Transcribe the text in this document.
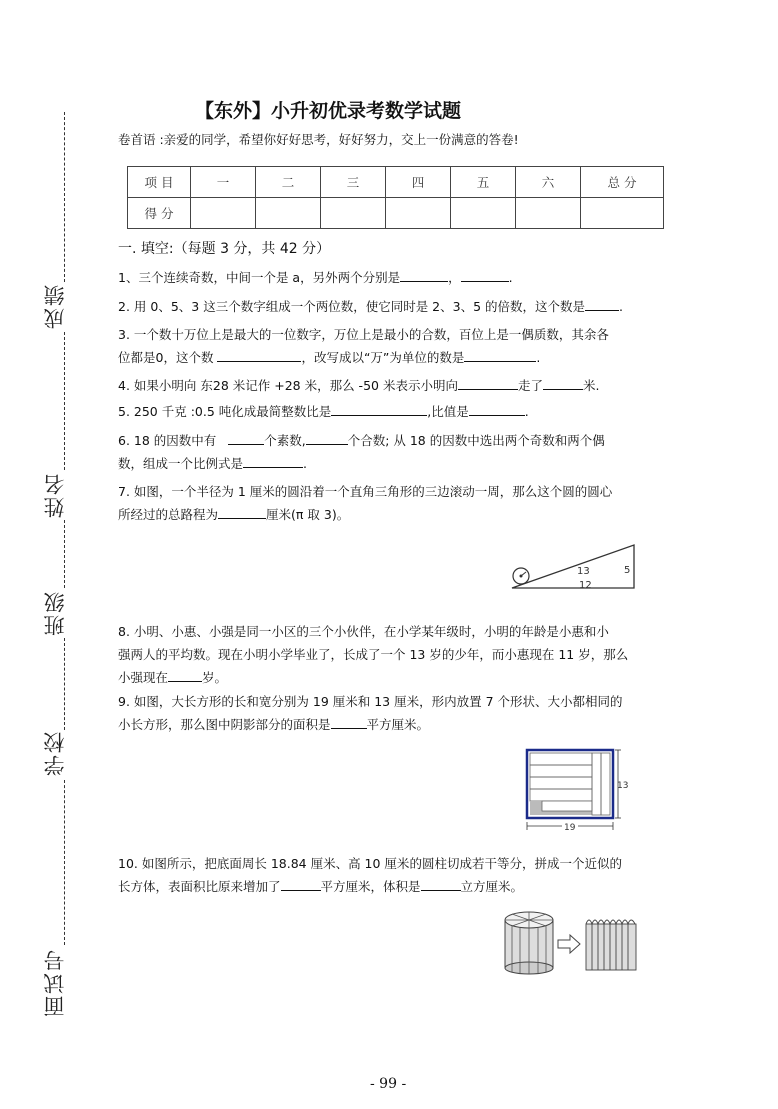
成绩
姓名
班级
学校
面试号
【东外】小升初优录考数学试题
卷首语 :亲爱的同学，希望你好好思考，好好努力，交上一份满意的答卷!
项 目	一	二	三	四	五	六	总 分
得 分							
一. 填空:（每题 3 分，共 42 分）
1、三个连续奇数，中间一个是 a，另外两个分别是	，	.
2. 用 0、5、3 这三个数字组成一个两位数，使它同时是 2、3、5 的倍数，这个数是	.
3. 一个数十万位上是最大的一位数字，万位上是最小的合数，百位上是一偶质数，其余各
位都是0，这个数	，改写成以“万”为单位的数是	.
4. 如果小明向 东28 米记作 +28 米，那么 -50 米表示小明向	走了	米.
5. 250 千克 :0.5 吨化成最简整数比是	,比值是	.
6. 18 的因数中有	个素数,	个合数; 从 18 的因数中选出两个奇数和两个偶
数，组成一个比例式是	.
7. 如图，一个半径为 1 厘米的圆沿着一个直角三角形的三边滚动一周，那么这个圆的圆心
所经过的总路程为	厘米(π 取 3)。
13	5
12
8. 小明、小惠、小强是同一小区的三个小伙伴，在小学某年级时，小明的年龄是小惠和小
强两人的平均数。现在小明小学毕业了，长成了一个 13 岁的少年，而小惠现在 11 岁，那么
小强现在	岁。
9. 如图，大长方形的长和宽分别为 19 厘米和 13 厘米，形内放置 7 个形状、大小都相同的
小长方形，那么图中阴影部分的面积是	平方厘米。
13
19
10. 如图所示，把底面周长 18.84 厘米、高 10 厘米的圆柱切成若干等分，拼成一个近似的
长方体，表面积比原来增加了	平方厘米，体积是	立方厘米。
- 99 -
